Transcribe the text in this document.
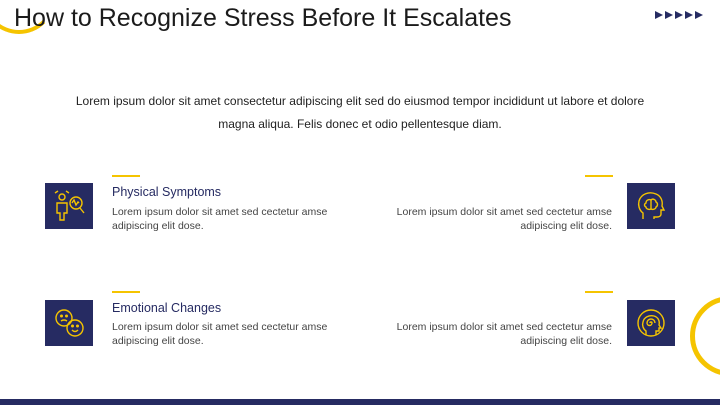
How to Recognize Stress Before It Escalates
Lorem ipsum dolor sit amet consectetur adipiscing elit sed do eiusmod tempor incididunt ut labore et dolore magna aliqua. Felis donec et odio pellentesque diam.
Physical Symptoms
Lorem ipsum dolor sit amet sed cectetur amse adipiscing elit dose.
Lorem ipsum dolor sit amet sed cectetur amse adipiscing elit dose.
Emotional Changes
Lorem ipsum dolor sit amet sed cectetur amse adipiscing elit dose.
Lorem ipsum dolor sit amet sed cectetur amse adipiscing elit dose.
